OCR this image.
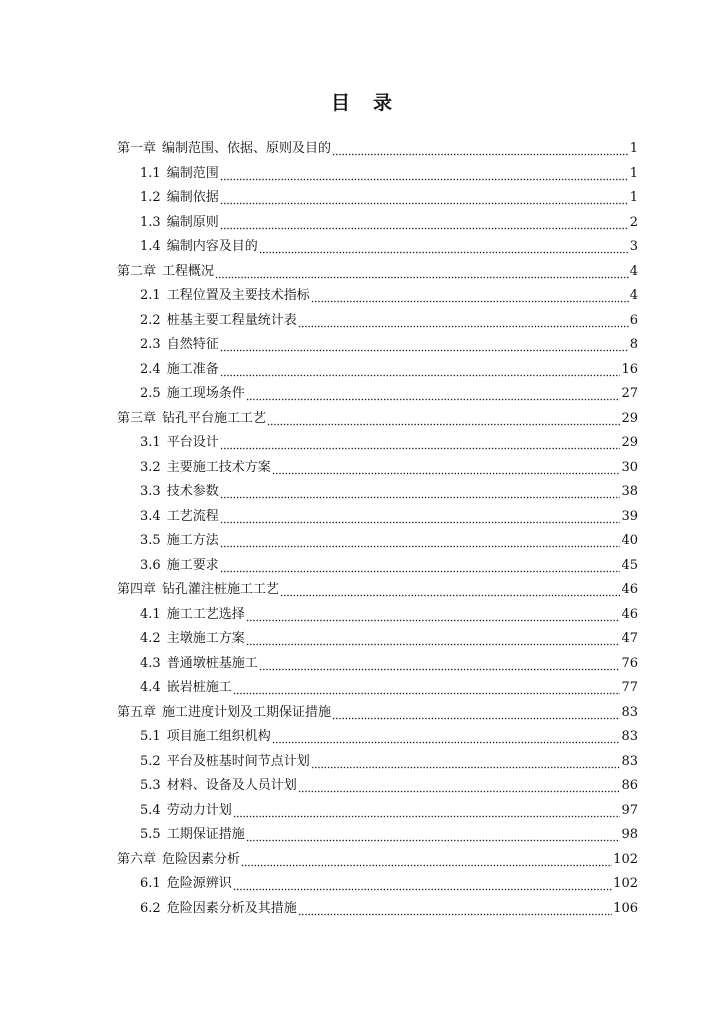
目 录
第一章 编制范围、依据、原则及目的	1
1.1 编制范围	1
1.2 编制依据	1
1.3 编制原则	2
1.4 编制内容及目的	3
第二章 工程概况	4
2.1 工程位置及主要技术指标	4
2.2 桩基主要工程量统计表	6
2.3 自然特征	8
2.4 施工准备	16
2.5 施工现场条件	27
第三章 钻孔平台施工工艺	29
3.1 平台设计	29
3.2 主要施工技术方案	30
3.3 技术参数	38
3.4 工艺流程	39
3.5 施工方法	40
3.6 施工要求	45
第四章 钻孔灌注桩施工工艺	46
4.1 施工工艺选择	46
4.2 主墩施工方案	47
4.3 普通墩桩基施工	76
4.4 嵌岩桩施工	77
第五章 施工进度计划及工期保证措施	83
5.1 项目施工组织机构	83
5.2 平台及桩基时间节点计划	83
5.3 材料、设备及人员计划	86
5.4 劳动力计划	97
5.5 工期保证措施	98
第六章 危险因素分析	102
6.1 危险源辨识	102
6.2 危险因素分析及其措施	106
